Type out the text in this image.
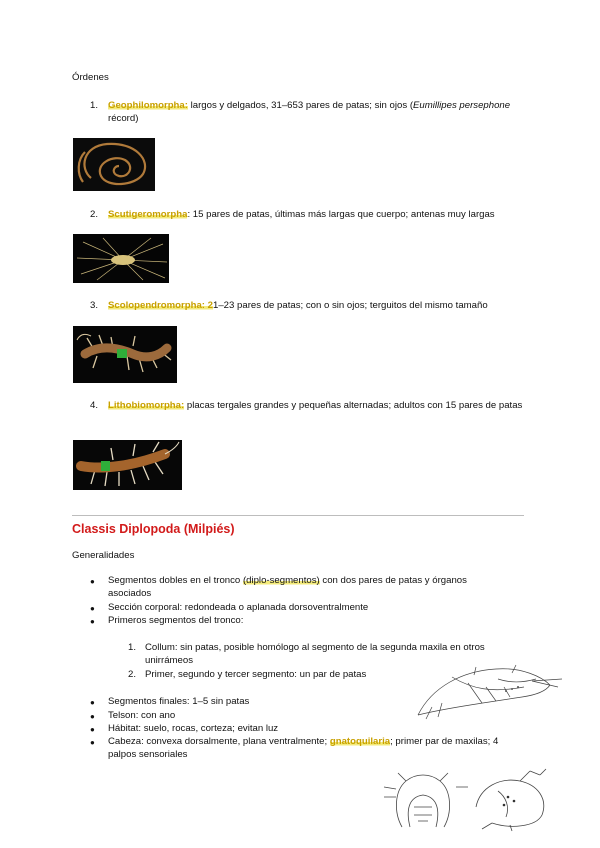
Órdenes
1. Geophilomorpha: largos y delgados, 31–653 pares de patas; sin ojos (Eumillipes persephone récord)
2. Scutigeromorpha: 15 pares de patas, últimas más largas que cuerpo; antenas muy largas
3. Scolopendromorpha: 21–23 pares de patas; con o sin ojos; terguitos del mismo tamaño
4. Lithobiomorpha: placas tergales grandes y pequeñas alternadas; adultos con 15 pares de patas
Classis Diplopoda (Milpiés)
Generalidades
● Segmentos dobles en el tronco (diplo-segmentos) con dos pares de patas y órganos asociados
● Sección corporal: redondeada o aplanada dorsoventralmente
● Primeros segmentos del tronco:
1. Collum: sin patas, posible homólogo al segmento de la segunda maxila en otros unirrámeos
2. Primer, segundo y tercer segmento: un par de patas
● Segmentos finales: 1–5 sin patas
● Telson: con ano
● Hábitat: suelo, rocas, corteza; evitan luz
● Cabeza: convexa dorsalmente, plana ventralmente; gnatoquilaria; primer par de maxilas; 4 palpos sensoriales
